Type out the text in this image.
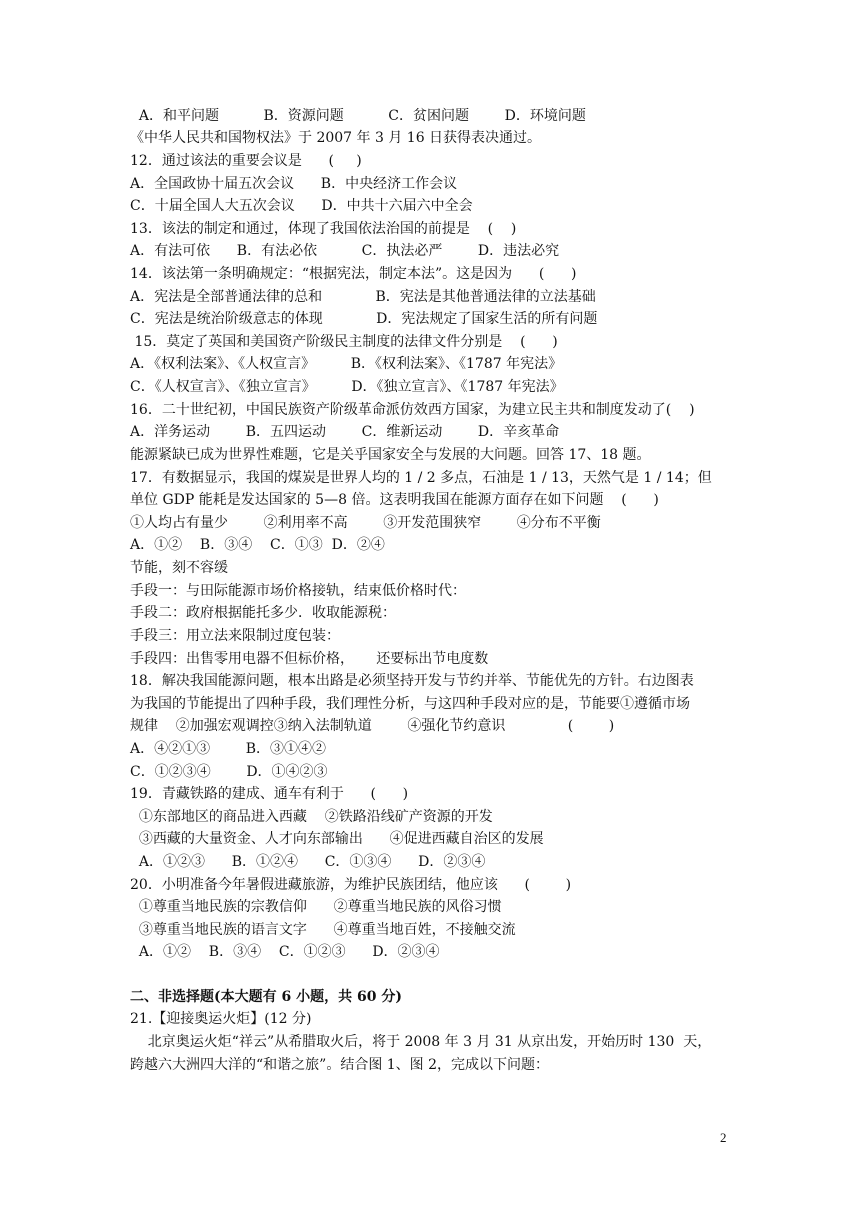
A．和平问题          B．资源问题          C．贫困问题        D．环境问题
《中华人民共和国物权法》于 2007 年 3 月 16 日获得表决通过。
12．通过该法的重要会议是      (     )
A．全国政协十届五次会议      B．中央经济工作会议
C．十届全国人大五次会议      D．中共十六届六中全会
13．该法的制定和通过，体现了我国依法治国的前提是    (    )
A．有法可依      B．有法必依          C．执法必严        D．违法必究
14．该法第一条明确规定：“根据宪法，制定本法”。这是因为      (      )
A．宪法是全部普通法律的总和            B．宪法是其他普通法律的立法基础
C．宪法是统治阶级意志的体现            D．宪法规定了国家生活的所有问题
15．莫定了英国和美国资产阶级民主制度的法律文件分别是    (      )
A．《权利法案》、《人权宣言》        B．《权利法案》、《1787 年宪法》
C．《人权宣言》、《独立宣言》        D．《独立宣言》、《1787 年宪法》
16．二十世纪初，中国民族资产阶级革命派仿效西方国家，为建立民主共和制度发动了(    )
A．洋务运动        B．五四运动        C．维新运动        D．辛亥革命
能源紧缺已成为世界性难题，它是关乎国家安全与发展的大问题。回答 17、18 题。
17．有数据显示，我国的煤炭是世界人均的 1 / 2 多点，石油是 1 / 13，天然气是 1 / 14；但
单位 GDP 能耗是发达国家的 5—8 倍。这表明我国在能源方面存在如下问题    (      )
①人均占有量少        ②利用率不高        ③开发范围狭窄        ④分布不平衡
A．①②    B．③④    C．①③  D．②④
节能，刻不容缓
手段一：与田际能源市场价格接轨，结束低价格时代：
手段二：政府根据能托多少．收取能源税：
手段三：用立法来限制过度包装：
手段四：出售零用电器不但标价格，     还要标出节电度数
18．解决我国能源问题，根本出路是必须坚持开发与节约并举、节能优先的方针。右边图表
为我国的节能提出了四种手段，我们理性分析，与这四种手段对应的是，节能要①遵循市场
规律    ②加强宏观调控③纳入法制轨道        ④强化节约意识              (        )
A．④②①③        B．③①④②
C．①②③④        D．①④②③
19．青藏铁路的建成、通车有利于      (      )
①东部地区的商品进入西藏    ②铁路沿线矿产资源的开发
③西藏的大量资金、人才向东部输出      ④促进西藏自治区的发展
A．①②③      B．①②④      C．①③④      D．②③④
20．小明准备今年暑假进藏旅游，为维护民族团结，他应该      (        )
①尊重当地民族的宗教信仰      ②尊重当地民族的风俗习惯
③尊重当地民族的语言文字      ④尊重当地百姓，不接触交流
A．①②    B．③④    C．①②③      D．②③④
二、非选择题(本大题有 6 小题，共 60 分)
21.【迎接奥运火炬】(12 分)
北京奥运火炬“祥云”从希腊取火后，将于 2008 年 3 月 31 从京出发，开始历时 130  天，
跨越六大洲四大洋的“和谐之旅”。结合图 1、图 2，完成以下问题：
2
